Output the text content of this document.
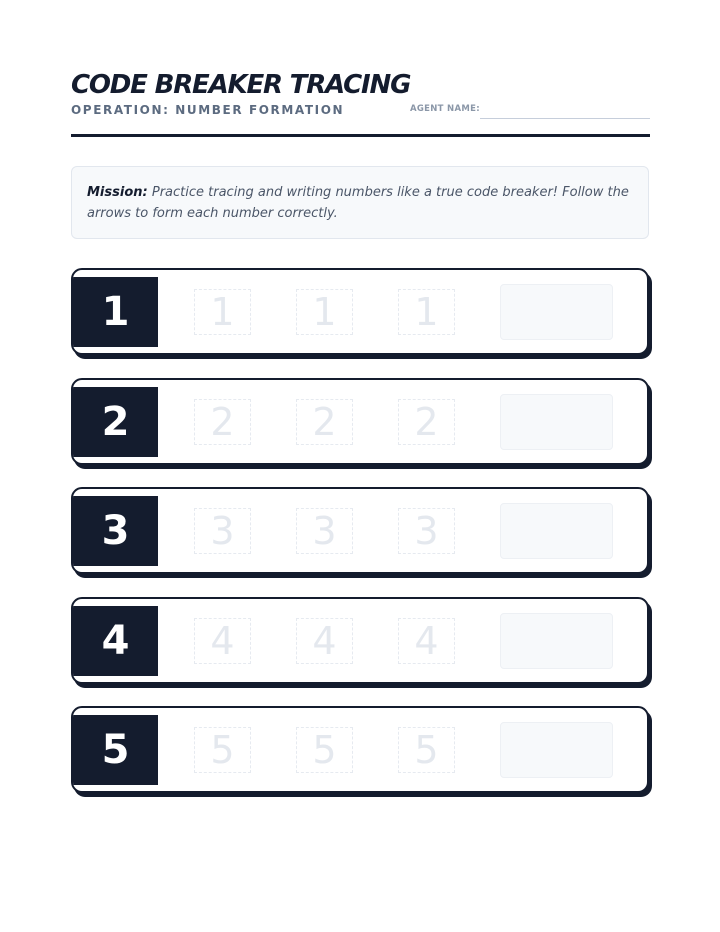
CODE BREAKER TRACING
OPERATION: NUMBER FORMATION	AGENT NAME:

Mission: Practice tracing and writing numbers like a true code breaker! Follow the arrows to form each number correctly.

1	1	1	1
2	2	2	2
3	3	3	3
4	4	4	4
5	5	5	5
